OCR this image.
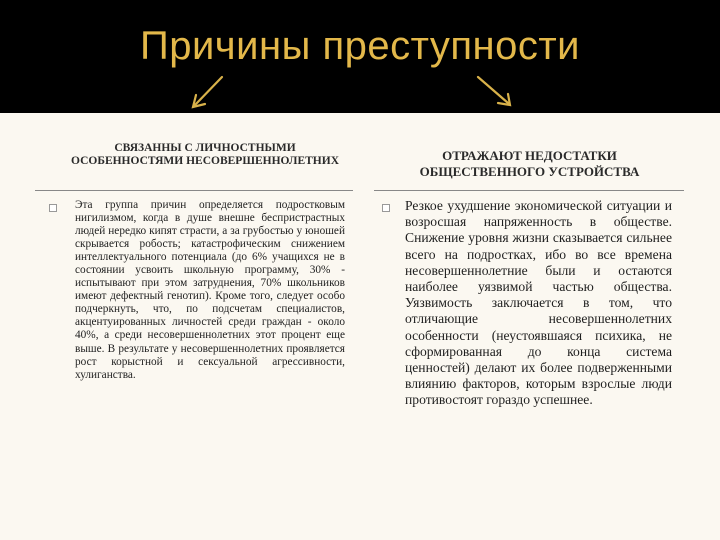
Причины преступности
СВЯЗАННЫ С ЛИЧНОСТНЫМИ ОСОБЕННОСТЯМИ НЕСОВЕРШЕННОЛЕТНИХ
Эта группа причин определяется подростковым нигилизмом, когда в душе внешне беспристрастных людей нередко кипят страсти, а за грубостью у юношей скрывается робость; катастрофическим снижением интеллектуального потенциала (до 6% учащихся не в состоянии усвоить школьную программу, 30% - испытывают при этом затруднения, 70% школьников имеют дефектный генотип). Кроме того, следует особо подчеркнуть, что, по подсчетам специалистов, акцентуированных личностей среди граждан - около 40%, а среди несовершеннолетних этот процент еще выше. В результате у несовершеннолетних проявляется рост корыстной и сексуальной агрессивности, хулиганства.
ОТРАЖАЮТ НЕДОСТАТКИ ОБЩЕСТВЕННОГО УСТРОЙСТВА
Резкое ухудшение экономической ситуации и возросшая напряженность в обществе. Снижение уровня жизни сказывается сильнее всего на подростках, ибо во все времена несовершеннолетние были и остаются наиболее уязвимой частью общества. Уязвимость заключается в том, что отличающие несовершеннолетних особенности (неустоявшаяся психика, не сформированная до конца система ценностей) делают их более подверженными влиянию факторов, которым взрослые люди противостоят гораздо успешнее.
